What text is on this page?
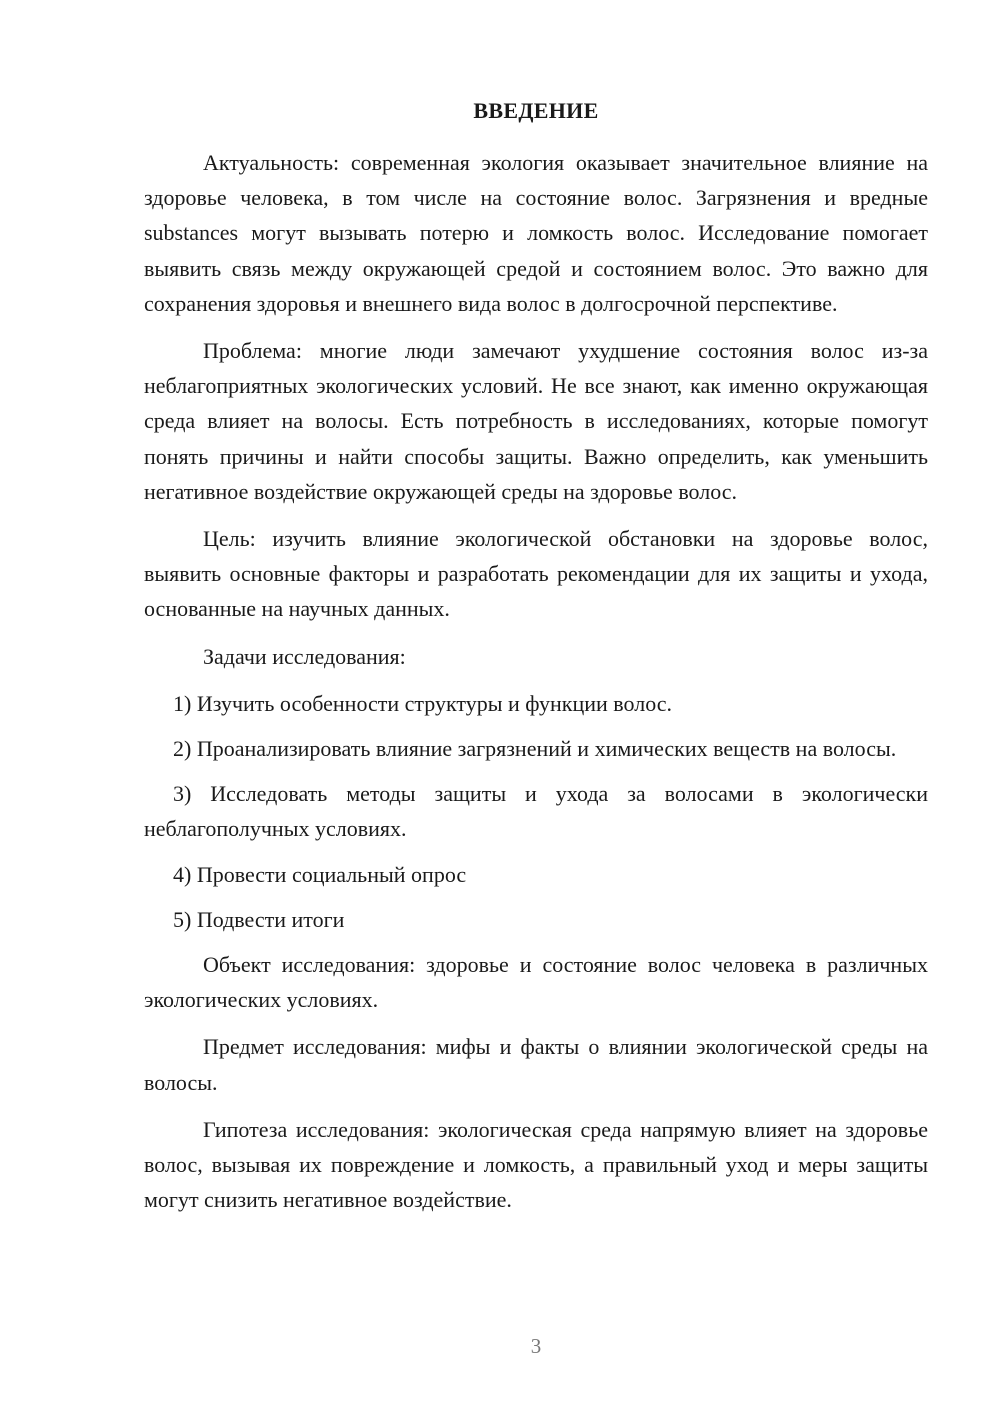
ВВЕДЕНИЕ

Актуальность: современная экология оказывает значительное влияние на здоровье человека, в том числе на состояние волос. Загрязнения и вредные substances могут вызывать потерю и ломкость волос. Исследование помогает выявить связь между окружающей средой и состоянием волос. Это важно для сохранения здоровья и внешнего вида волос в долгосрочной перспективе.

Проблема: многие люди замечают ухудшение состояния волос из-за неблагоприятных экологических условий. Не все знают, как именно окружающая среда влияет на волосы. Есть потребность в исследованиях, которые помогут понять причины и найти способы защиты. Важно определить, как уменьшить негативное воздействие окружающей среды на здоровье волос.

Цель: изучить влияние экологической обстановки на здоровье волос, выявить основные факторы и разработать рекомендации для их защиты и ухода, основанные на научных данных.

Задачи исследования:

1) Изучить особенности структуры и функции волос.

2) Проанализировать влияние загрязнений и химических веществ на волосы.

3) Исследовать методы защиты и ухода за волосами в экологически неблагополучных условиях.

4) Провести социальный опрос

5) Подвести итоги

Объект исследования: здоровье и состояние волос человека в различных экологических условиях.

Предмет исследования: мифы и факты о влиянии экологической среды на волосы.

Гипотеза исследования: экологическая среда напрямую влияет на здоровье волос, вызывая их повреждение и ломкость, а правильный уход и меры защиты могут снизить негативное воздействие.

3
